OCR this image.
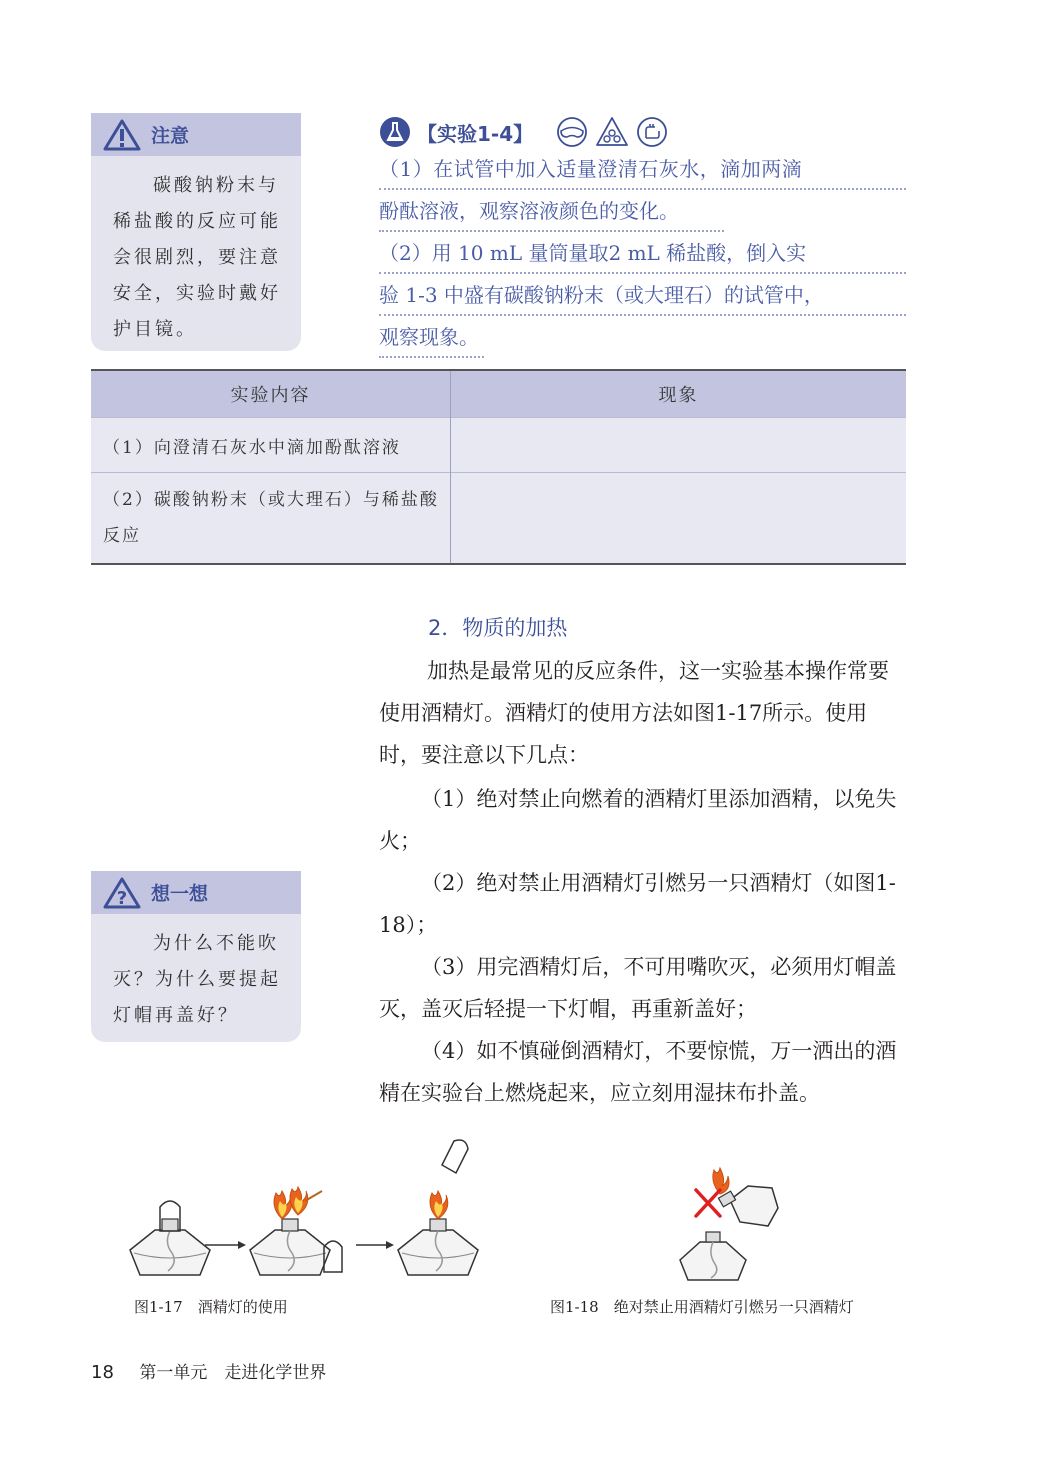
注意

碳酸钠粉末与稀盐酸的反应可能会很剧烈，要注意安全，实验时戴好护目镜。

【实验1-4】
（1）在试管中加入适量澄清石灰水，滴加两滴
酚酞溶液，观察溶液颜色的变化。
（2）用 10 mL 量筒量取2 mL 稀盐酸，倒入实
验 1-3 中盛有碳酸钠粉末（或大理石）的试管中，
观察现象。
实验内容	现象
（1）向澄清石灰水中滴加酚酞溶液	
（2）碳酸钠粉末（或大理石）与稀盐酸反应	
2．物质的加热

加热是最常见的反应条件，这一实验基本操作常要使用酒精灯。酒精灯的使用方法如图1-17所示。使用时，要注意以下几点：

（1）绝对禁止向燃着的酒精灯里添加酒精，以免失火；

（2）绝对禁止用酒精灯引燃另一只酒精灯（如图1-18）；

（3）用完酒精灯后，不可用嘴吹灭，必须用灯帽盖灭，盖灭后轻提一下灯帽，再重新盖好；

（4）如不慎碰倒酒精灯，不要惊慌，万一洒出的酒精在实验台上燃烧起来，应立刻用湿抹布扑盖。

? 想一想

为什么不能吹灭？为什么要提起灯帽再盖好？

图1-17　酒精灯的使用	图1-18　绝对禁止用酒精灯引燃另一只酒精灯
18 第一单元　走进化学世界
